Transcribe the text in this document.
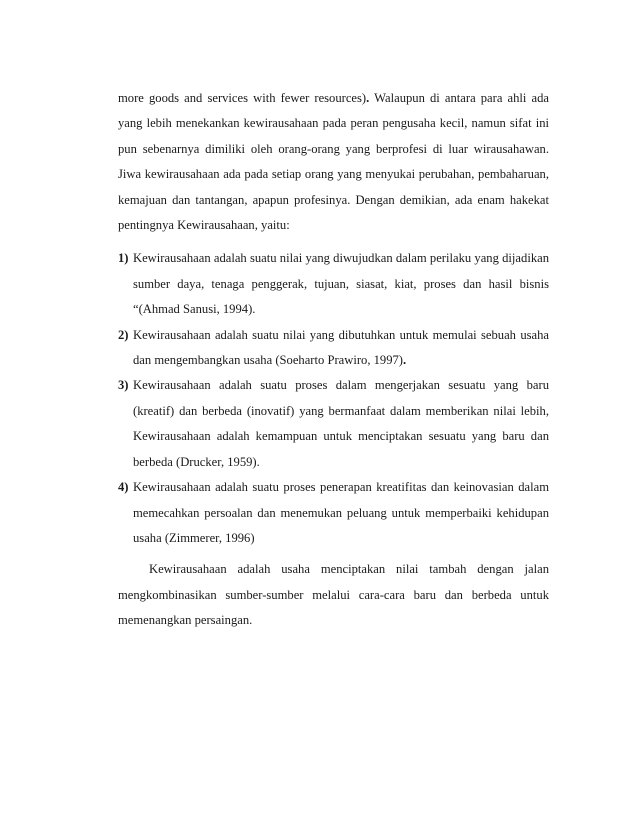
more goods and services with fewer resources). Walaupun di antara para ahli ada yang lebih menekankan kewirausahaan pada peran pengusaha kecil, namun sifat ini pun sebenarnya dimiliki oleh orang-orang yang berprofesi di luar wirausahawan. Jiwa kewirausahaan ada pada setiap orang yang menyukai perubahan, pembaharuan, kemajuan dan tantangan, apapun profesinya. Dengan demikian, ada enam hakekat pentingnya Kewirausahaan, yaitu:

1) Kewirausahaan adalah suatu nilai yang diwujudkan dalam perilaku yang dijadikan sumber daya, tenaga penggerak, tujuan, siasat, kiat, proses dan hasil bisnis “(Ahmad Sanusi, 1994).
2) Kewirausahaan adalah suatu nilai yang dibutuhkan untuk memulai sebuah usaha dan mengembangkan usaha (Soeharto Prawiro, 1997).
3) Kewirausahaan adalah suatu proses dalam mengerjakan sesuatu yang baru (kreatif) dan berbeda (inovatif) yang bermanfaat dalam memberikan nilai lebih, Kewirausahaan adalah kemampuan untuk menciptakan sesuatu yang baru dan berbeda (Drucker, 1959).
4) Kewirausahaan adalah suatu proses penerapan kreatifitas dan keinovasian dalam memecahkan persoalan dan menemukan peluang untuk memperbaiki kehidupan usaha (Zimmerer, 1996)

Kewirausahaan adalah usaha menciptakan nilai tambah dengan jalan mengkombinasikan sumber-sumber melalui cara-cara baru dan berbeda untuk memenangkan persaingan.
